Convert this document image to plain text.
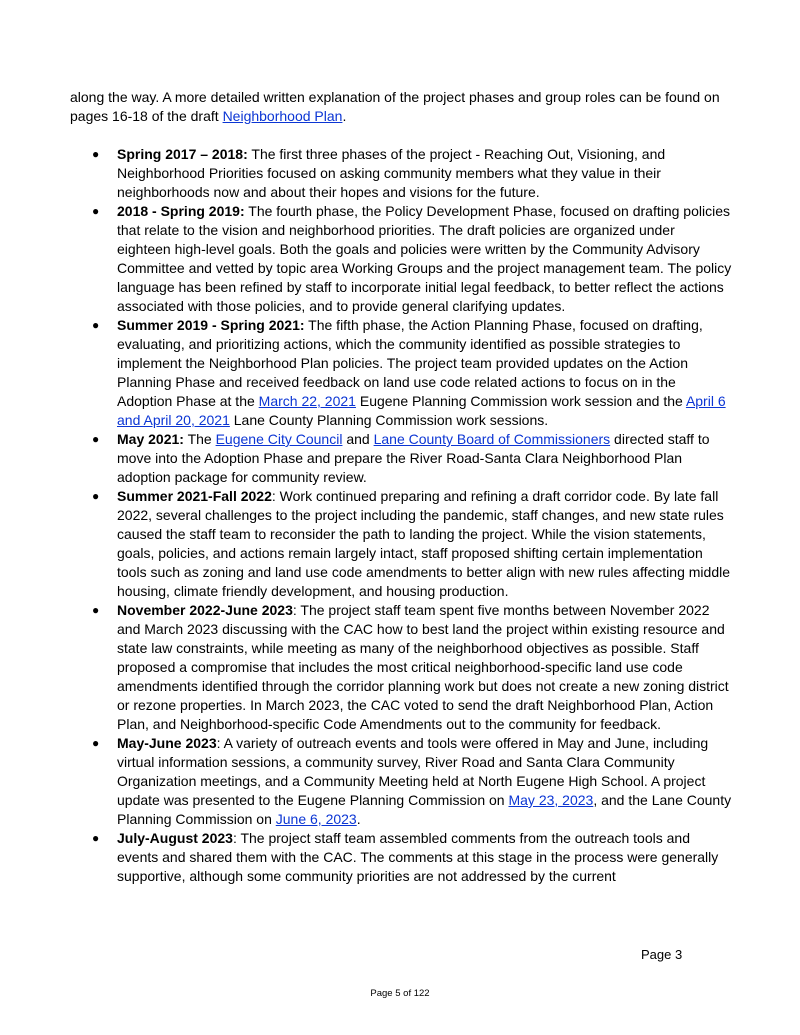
along the way. A more detailed written explanation of the project phases and group roles can be found on pages 16-18 of the draft Neighborhood Plan.

● Spring 2017 – 2018: The first three phases of the project - Reaching Out, Visioning, and Neighborhood Priorities focused on asking community members what they value in their neighborhoods now and about their hopes and visions for the future.
● 2018 - Spring 2019: The fourth phase, the Policy Development Phase, focused on drafting policies that relate to the vision and neighborhood priorities. The draft policies are organized under eighteen high-level goals. Both the goals and policies were written by the Community Advisory Committee and vetted by topic area Working Groups and the project management team. The policy language has been refined by staff to incorporate initial legal feedback, to better reflect the actions associated with those policies, and to provide general clarifying updates.
● Summer 2019 - Spring 2021: The fifth phase, the Action Planning Phase, focused on drafting, evaluating, and prioritizing actions, which the community identified as possible strategies to implement the Neighborhood Plan policies. The project team provided updates on the Action Planning Phase and received feedback on land use code related actions to focus on in the Adoption Phase at the March 22, 2021 Eugene Planning Commission work session and the April 6 and April 20, 2021 Lane County Planning Commission work sessions.
● May 2021: The Eugene City Council and Lane County Board of Commissioners directed staff to move into the Adoption Phase and prepare the River Road-Santa Clara Neighborhood Plan adoption package for community review.
● Summer 2021-Fall 2022: Work continued preparing and refining a draft corridor code. By late fall 2022, several challenges to the project including the pandemic, staff changes, and new state rules caused the staff team to reconsider the path to landing the project. While the vision statements, goals, policies, and actions remain largely intact, staff proposed shifting certain implementation tools such as zoning and land use code amendments to better align with new rules affecting middle housing, climate friendly development, and housing production.
● November 2022-June 2023: The project staff team spent five months between November 2022 and March 2023 discussing with the CAC how to best land the project within existing resource and state law constraints, while meeting as many of the neighborhood objectives as possible. Staff proposed a compromise that includes the most critical neighborhood-specific land use code amendments identified through the corridor planning work but does not create a new zoning district or rezone properties. In March 2023, the CAC voted to send the draft Neighborhood Plan, Action Plan, and Neighborhood-specific Code Amendments out to the community for feedback.
● May-June 2023: A variety of outreach events and tools were offered in May and June, including virtual information sessions, a community survey, River Road and Santa Clara Community Organization meetings, and a Community Meeting held at North Eugene High School. A project update was presented to the Eugene Planning Commission on May 23, 2023, and the Lane County Planning Commission on June 6, 2023.
● July-August 2023: The project staff team assembled comments from the outreach tools and events and shared them with the CAC. The comments at this stage in the process were generally supportive, although some community priorities are not addressed by the current
Page 3
Page 5 of 122
